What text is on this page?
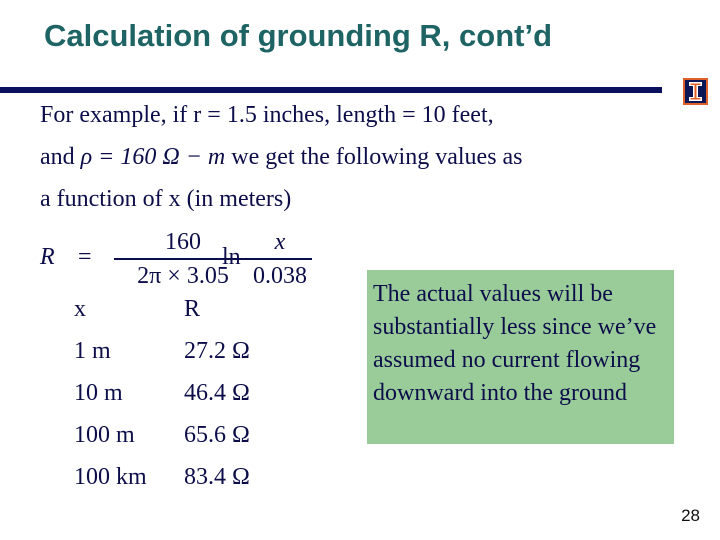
Calculation of grounding R, cont’d
For example, if r = 1.5 inches, length = 10 feet,
and ρ = 160 Ω − m we get the following values as
a function of x (in meters)
R =
160
2π × 3.05
ln
x
0.038
x	R
1 m	27.2 Ω
10 m	46.4 Ω
100 m 65.6 Ω
100 km 83.4 Ω
The actual values will be substantially less since we’ve assumed no current flowing downward into the ground
28
